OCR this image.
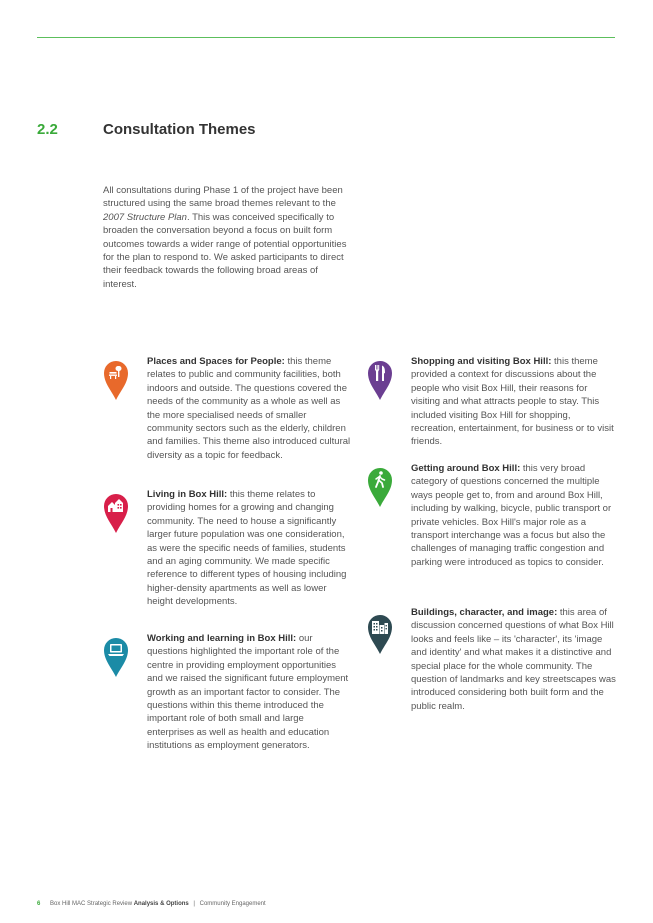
2.2	Consultation Themes

All consultations during Phase 1 of the project have been structured using the same broad themes relevant to the 2007 Structure Plan. This was conceived specifically to broaden the conversation beyond a focus on built form outcomes towards a wider range of potential opportunities for the plan to respond to. We asked participants to direct their feedback towards the following broad areas of interest.

Places and Spaces for People: this theme relates to public and community facilities, both indoors and outside. The questions covered the needs of the community as a whole as well as the more specialised needs of smaller community sectors such as the elderly, children and families. This theme also introduced cultural diversity as a topic for feedback.

Living in Box Hill: this theme relates to providing homes for a growing and changing community. The need to house a significantly larger future population was one consideration, as were the specific needs of families, students and an aging community. We made specific reference to different types of housing including higher-density apartments as well as lower height developments.

Working and learning in Box Hill: our questions highlighted the important role of the centre in providing employment opportunities and we raised the significant future employment growth as an important factor to consider. The questions within this theme introduced the important role of both small and large enterprises as well as health and education institutions as employment generators.

Shopping and visiting Box Hill: this theme provided a context for discussions about the people who visit Box Hill, their reasons for visiting and what attracts people to stay. This included visiting Box Hill for shopping, recreation, entertainment, for business or to visit friends.

Getting around Box Hill: this very broad category of questions concerned the multiple ways people get to, from and around Box Hill, including by walking, bicycle, public transport or private vehicles. Box Hill's major role as a transport interchange was a focus but also the challenges of managing traffic congestion and parking were introduced as topics to consider.

Buildings, character, and image: this area of discussion concerned questions of what Box Hill looks and feels like – its 'character', its 'image and identity' and what makes it a distinctive and special place for the whole community. The question of landmarks and key streetscapes was introduced considering both built form and the public realm.

6 Box Hill MAC Strategic Review Analysis & Options | Community Engagement
